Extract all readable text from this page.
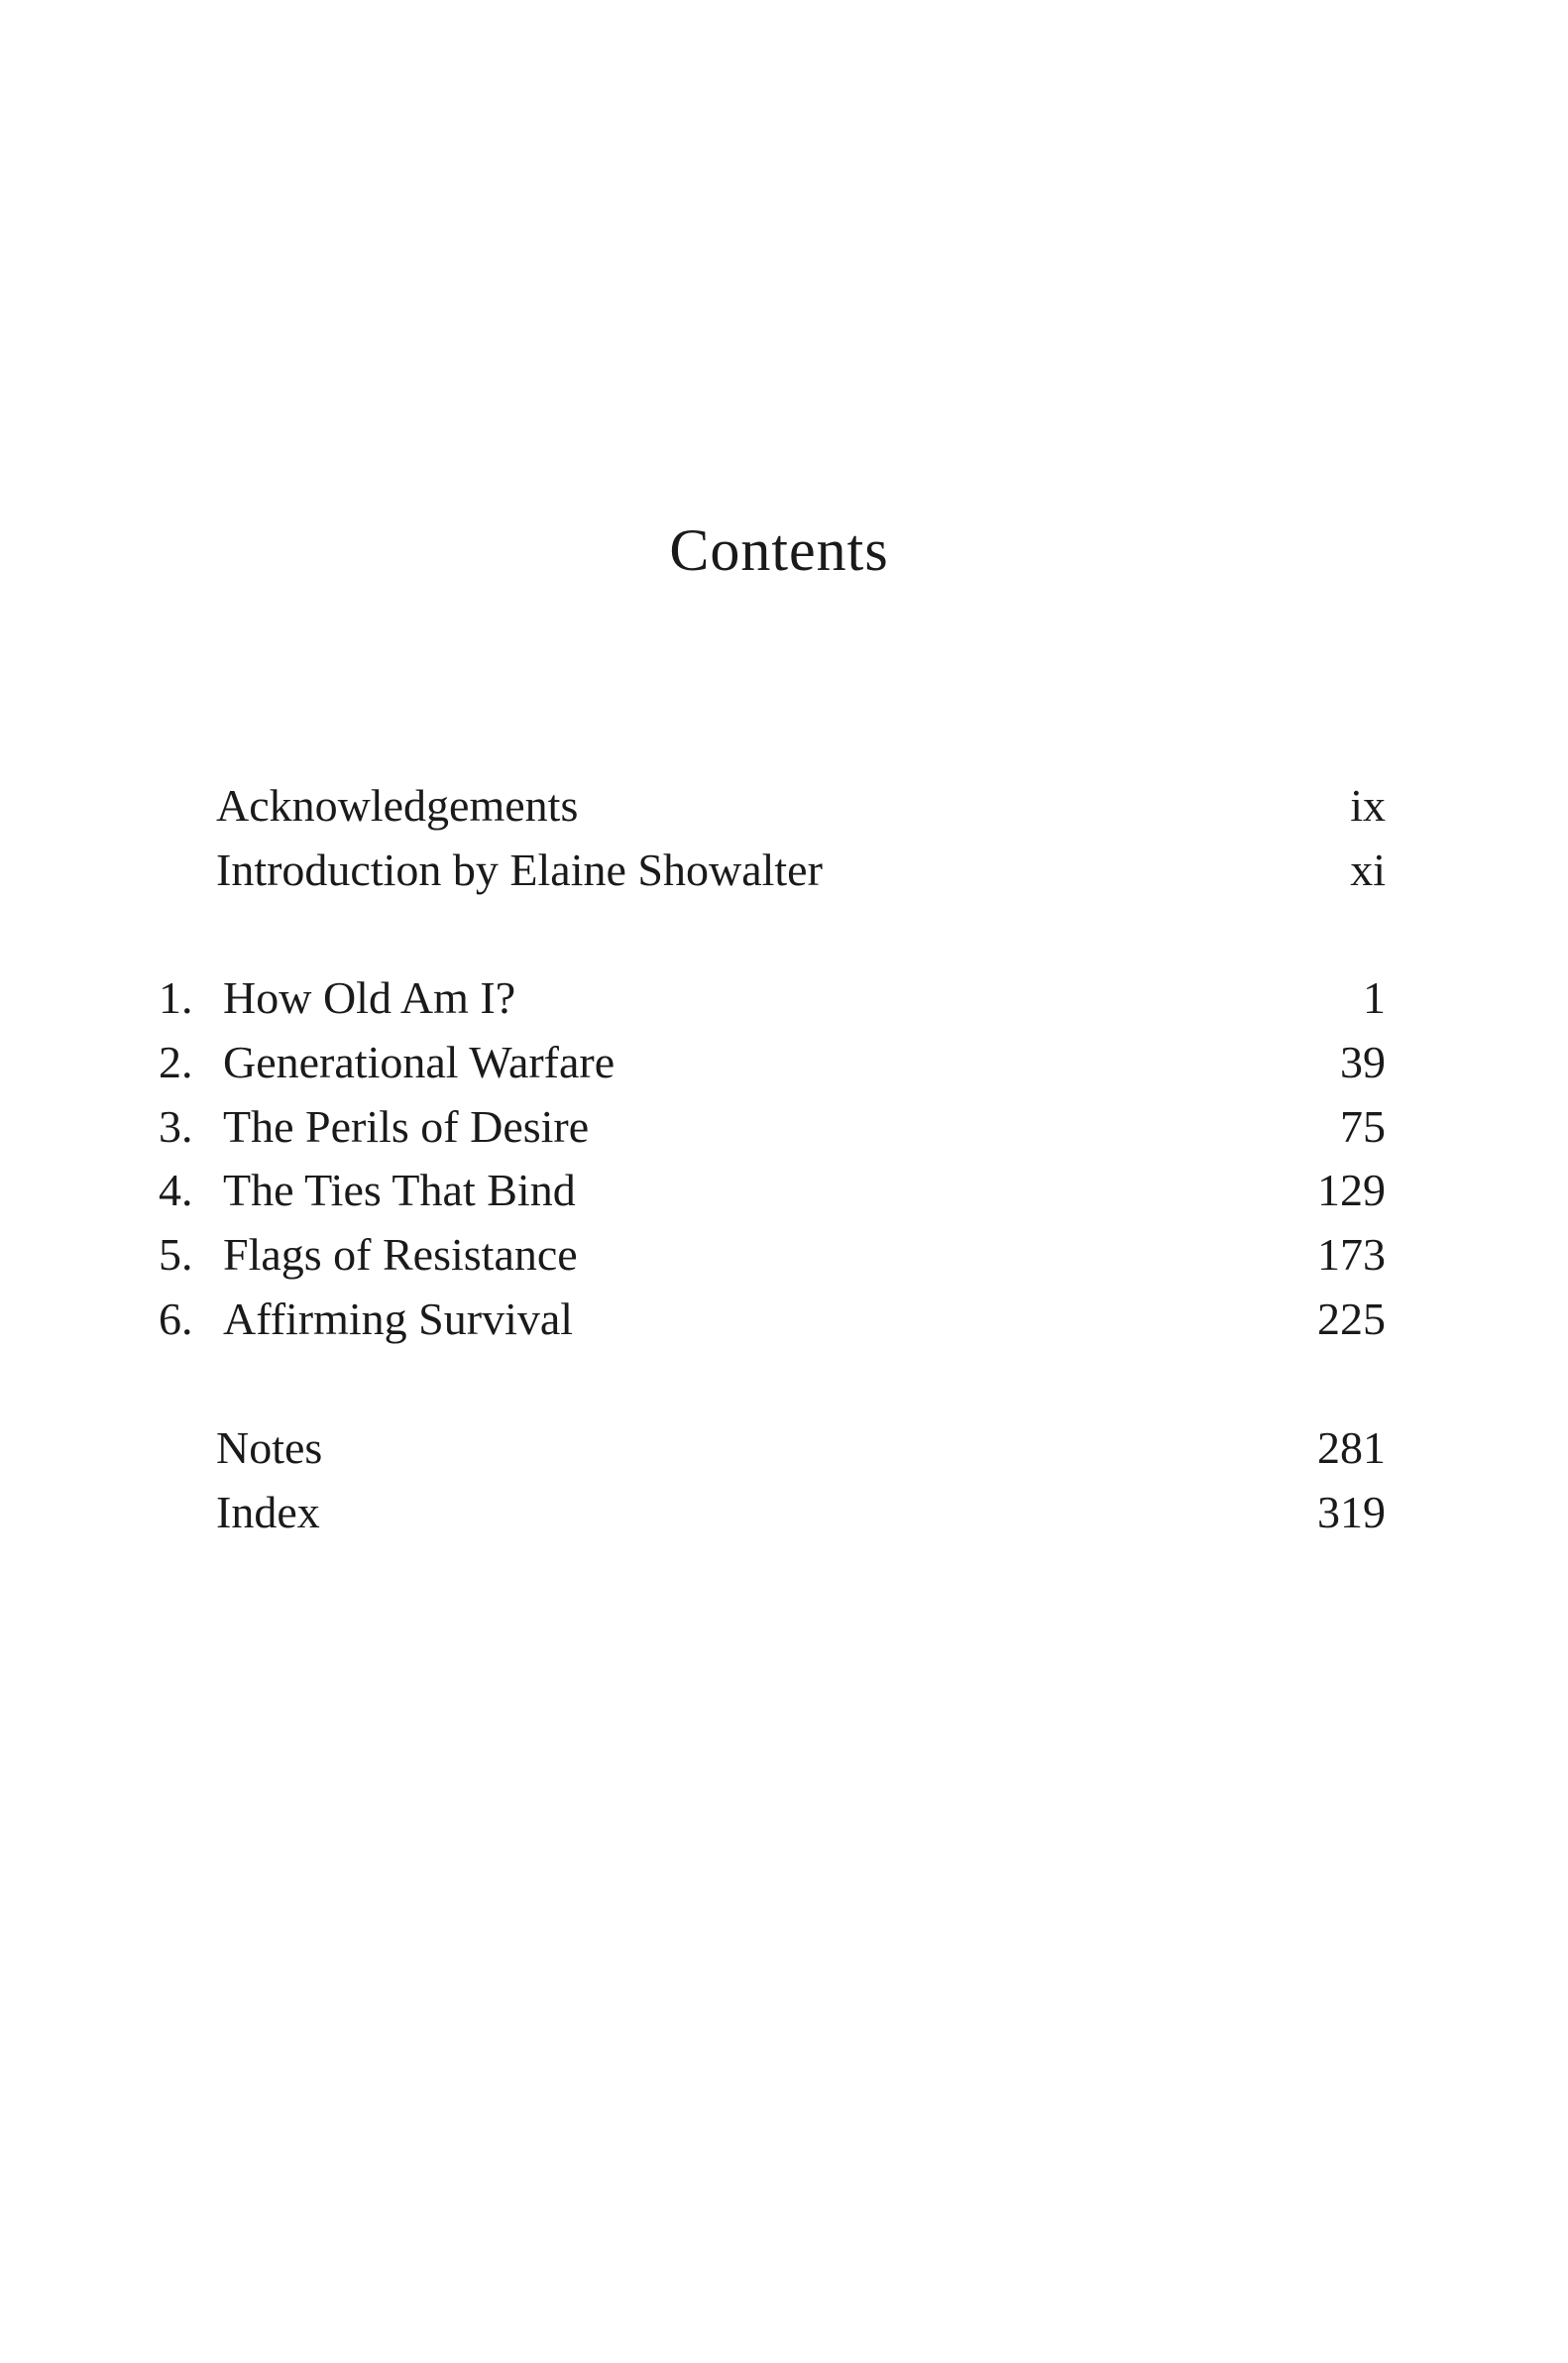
Contents
Acknowledgements	ix
Introduction by Elaine Showalter	xi
1. How Old Am I?	1
2. Generational Warfare	39
3. The Perils of Desire	75
4. The Ties That Bind	129
5. Flags of Resistance	173
6. Affirming Survival	225
Notes	281
Index	319
